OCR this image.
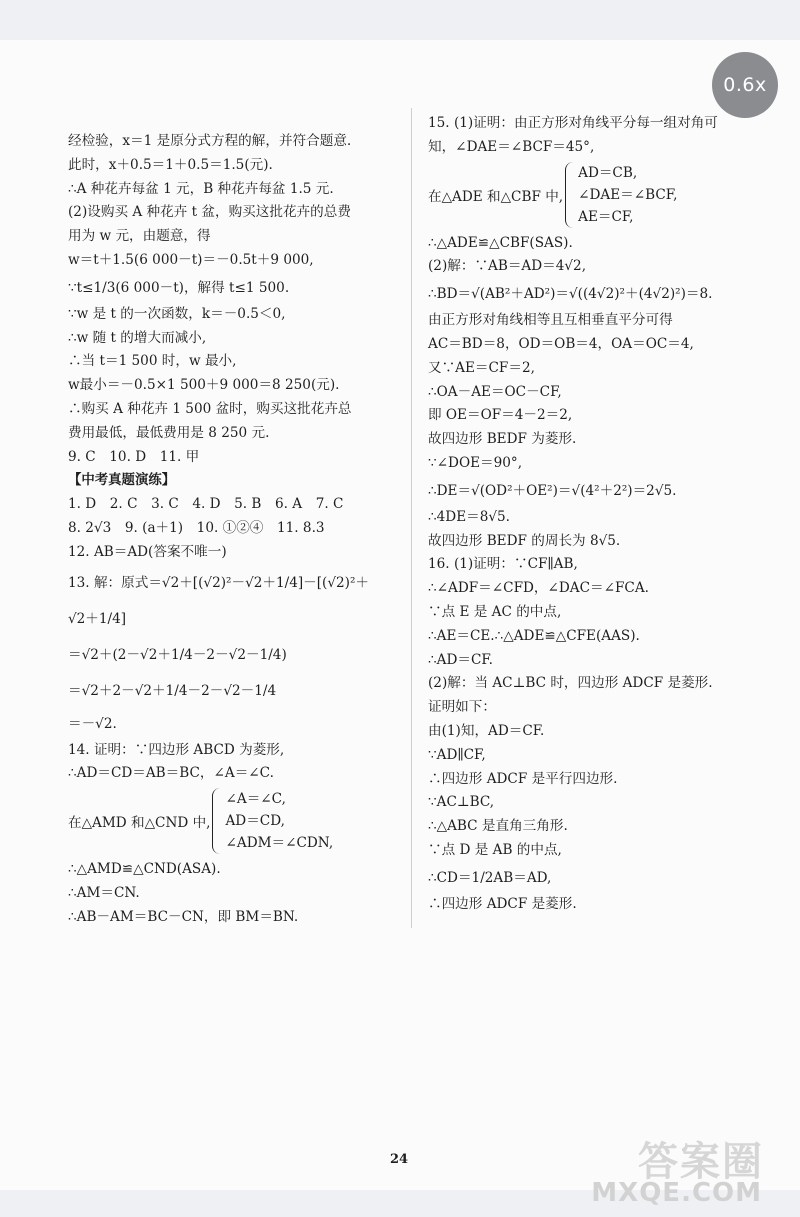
0.6x
经检验，x＝1 是原分式方程的解，并符合题意.
此时，x＋0.5＝1＋0.5＝1.5(元).
∴A 种花卉每盆 1 元，B 种花卉每盆 1.5 元.
(2)设购买 A 种花卉 t 盆，购买这批花卉的总费
用为 w 元，由题意，得
w＝t＋1.5(6 000－t)＝－0.5t＋9 000,
∵t≤1/3(6 000－t)，解得 t≤1 500.
∵w 是 t 的一次函数，k＝－0.5＜0,
∴w 随 t 的增大而减小,
∴当 t＝1 500 时，w 最小,
w最小＝－0.5×1 500＋9 000＝8 250(元).
∴购买 A 种花卉 1 500 盆时，购买这批花卉总
费用最低，最低费用是 8 250 元.
9. C　10. D　11. 甲
【中考真题演练】
1. D　2. C　3. C　4. D　5. B　6. A　7. C
8. 2√3　9. (a＋1)　10. ①②④　11. 8.3
12. AB＝AD(答案不唯一)
13. 解：原式＝√2＋[(√2)²－√2＋1/4]－[(√2)²＋
√2＋1/4]
＝√2＋(2－√2＋1/4－2－√2－1/4)
＝√2＋2－√2＋1/4－2－√2－1/4
＝－√2.
14. 证明：∵四边形 ABCD 为菱形,
∴AD＝CD＝AB＝BC，∠A＝∠C.
在△AMD 和△CND 中,
∠A＝∠C,
AD＝CD,
∠ADM＝∠CDN,
∴△AMD≌△CND(ASA).
∴AM＝CN.
∴AB－AM＝BC－CN，即 BM＝BN.
15. (1)证明：由正方形对角线平分每一组对角可
知，∠DAE＝∠BCF＝45°,
在△ADE 和△CBF 中,
AD＝CB,
∠DAE＝∠BCF,
AE＝CF,
∴△ADE≌△CBF(SAS).
(2)解：∵AB＝AD＝4√2,
∴BD＝√(AB²＋AD²)＝√((4√2)²＋(4√2)²)＝8.
由正方形对角线相等且互相垂直平分可得
AC＝BD＝8，OD＝OB＝4，OA＝OC＝4,
又∵AE＝CF＝2,
∴OA－AE＝OC－CF,
即 OE＝OF＝4－2＝2,
故四边形 BEDF 为菱形.
∵∠DOE＝90°,
∴DE＝√(OD²＋OE²)＝√(4²＋2²)＝2√5.
∴4DE＝8√5.
故四边形 BEDF 的周长为 8√5.
16. (1)证明：∵CF∥AB,
∴∠ADF＝∠CFD，∠DAC＝∠FCA.
∵点 E 是 AC 的中点,
∴AE＝CE.∴△ADE≌△CFE(AAS).
∴AD＝CF.
(2)解：当 AC⊥BC 时，四边形 ADCF 是菱形.
证明如下：
由(1)知，AD＝CF.
∵AD∥CF,
∴四边形 ADCF 是平行四边形.
∵AC⊥BC,
∴△ABC 是直角三角形.
∵点 D 是 AB 的中点,
∴CD＝1/2AB＝AD,
∴四边形 ADCF 是菱形.
24	答案圈
MXQE.COM
